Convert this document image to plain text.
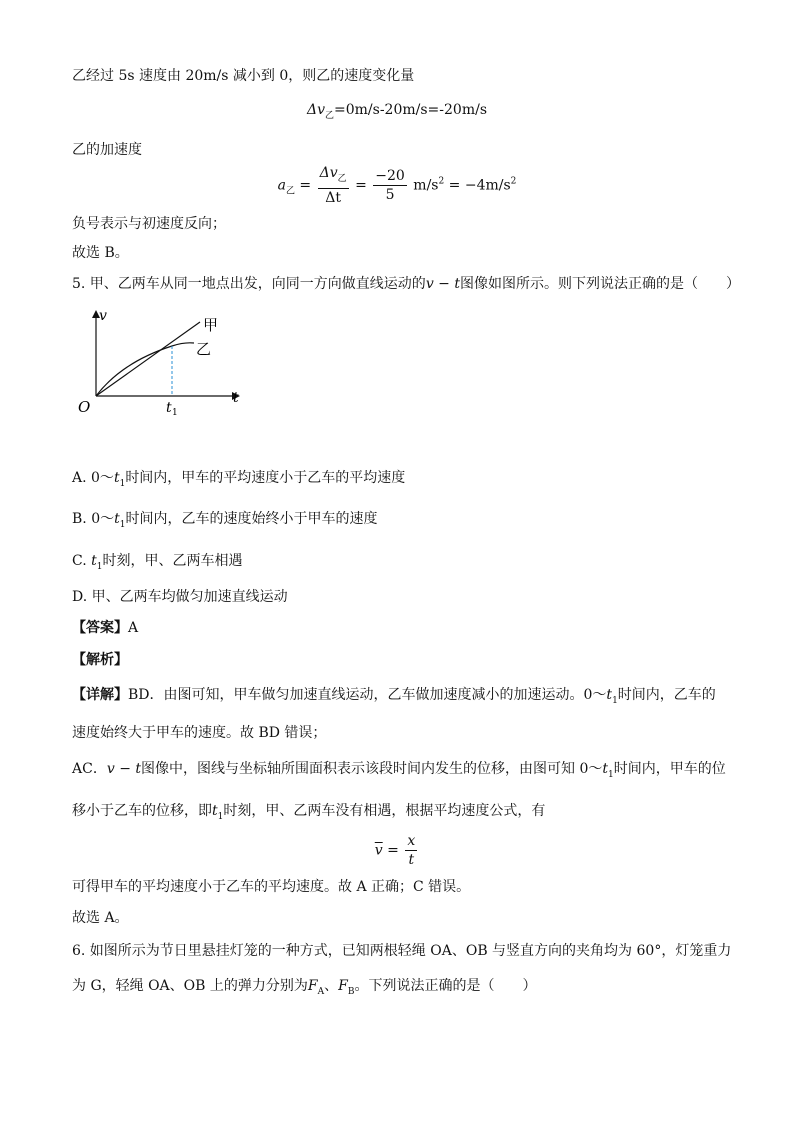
乙经过 5s 速度由 20m/s 减小到 0，则乙的速度变化量
$\Delta v_乙=0m/s-20m/s=-20m/s$
乙的加速度
$a_乙 = \frac{\Delta v_乙}{\Delta t} = \frac{-20}{5} m/s^2 = -4m/s^2$
负号表示与初速度反向；
故选 B。
5. 甲、乙两车从同一地点出发，向同一方向做直线运动的v − t图像如图所示。则下列说法正确的是（　　）
v
t
O	t 1
甲
乙
A. $0\sim t_1$时间内，甲车的平均速度小于乙车的平均速度
B. $0\sim t_1$时间内，乙车的速度始终小于甲车的速度
C. $t_1$时刻，甲、乙两车相遇
D. 甲、乙两车均做匀加速直线运动
【答案】A
【解析】
【详解】BD．由图可知，甲车做匀加速直线运动，乙车做加速度减小的加速运动。$0\sim t_1$时间内，乙车的
速度始终大于甲车的速度。故 BD 错误；
AC．v − t图像中，图线与坐标轴所围面积表示该段时间内发生的位移，由图可知 $0\sim t_1$时间内，甲车的位
移小于乙车的位移，即$t_1$时刻，甲、乙两车没有相遇，根据平均速度公式，有
$\overline{v} = \frac{x}{t}$
可得甲车的平均速度小于乙车的平均速度。故 A 正确；C 错误。
故选 A。
6. 如图所示为节日里悬挂灯笼的一种方式，已知两根轻绳 OA、OB 与竖直方向的夹角均为 60°，灯笼重力
为 G，轻绳 OA、OB 上的弹力分别为$F_A$、$F_B$。下列说法正确的是（　　）
